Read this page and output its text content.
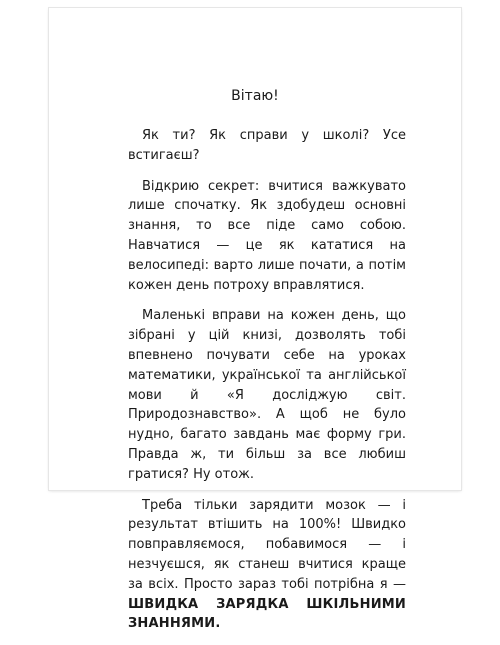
Вітаю!

Як ти? Як справи у школі? Усе встигаєш?

Відкрию секрет: вчитися важкувато лише спочатку. Як здобудеш основні знання, то все піде само собою. Навчатися — це як кататися на велосипеді: варто лише почати, а потім кожен день потроху вправлятися.

Маленькі вправи на кожен день, що зібрані у цій книзі, дозволять тобі впевнено почувати себе на уроках математики, української та англійської мови й «Я досліджую світ. Природознавство». А щоб не було нудно, багато завдань має форму гри. Правда ж, ти більш за все любиш гратися? Ну отож.

Треба тільки зарядити мозок — і результат втішить на 100%! Швидко повправляємося, побавимося — і незчуєшся, як станеш вчитися краще за всіх. Просто зараз тобі потрібна я — ШВИДКА ЗАРЯДКА ШКІЛЬНИМИ ЗНАННЯМИ.
